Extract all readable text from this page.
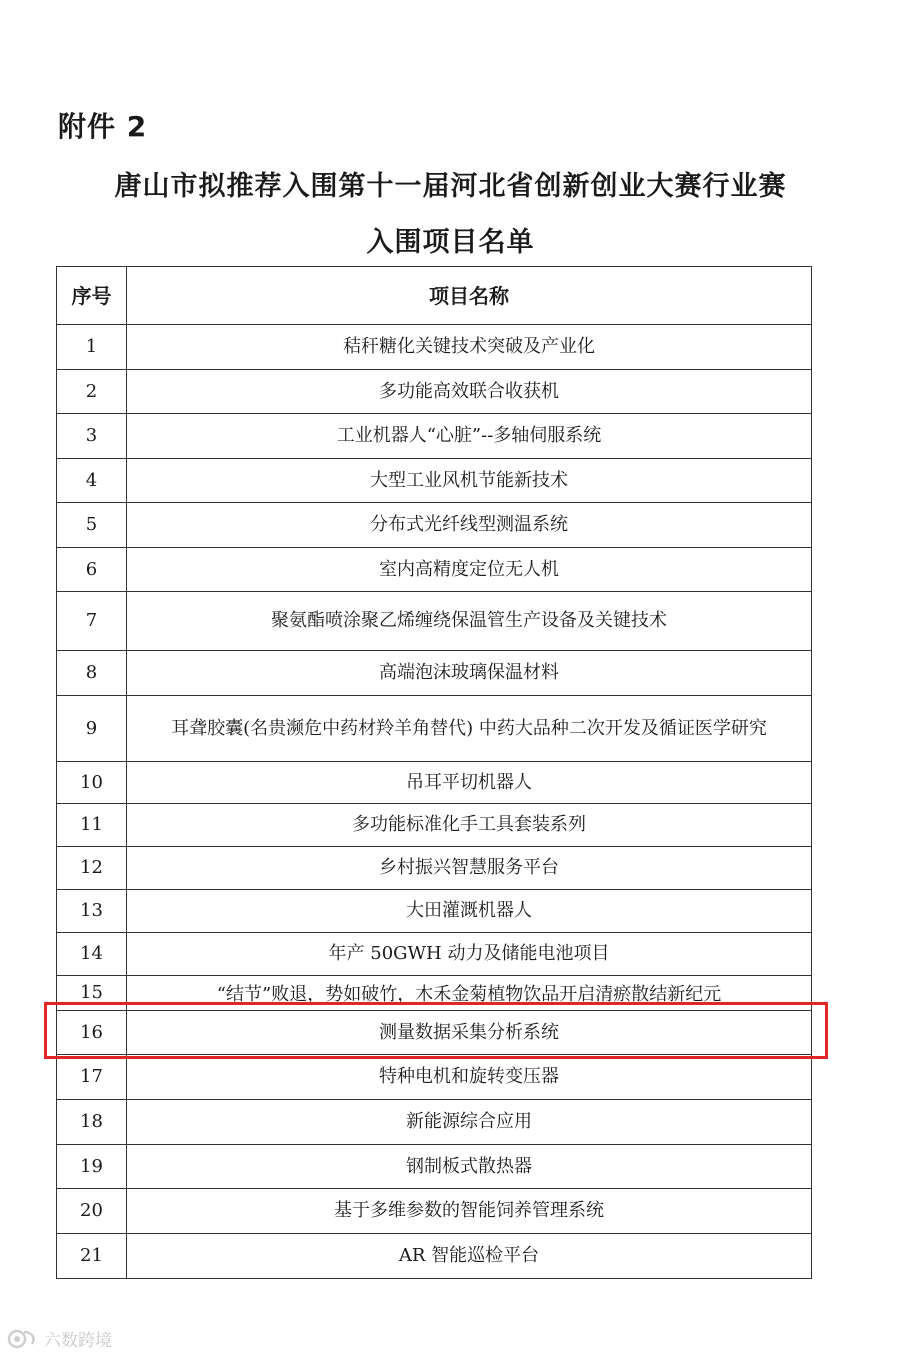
附件 2
唐山市拟推荐入围第十一届河北省创新创业大赛行业赛
入围项目名单
序号	项目名称
1	秸秆糖化关键技术突破及产业化
2	多功能高效联合收获机
3	工业机器人“心脏”--多轴伺服系统
4	大型工业风机节能新技术
5	分布式光纤线型测温系统
6	室内高精度定位无人机
7	聚氨酯喷涂聚乙烯缠绕保温管生产设备及关键技术
8	高端泡沫玻璃保温材料
9	耳聋胶囊(名贵濒危中药材羚羊角替代) 中药大品种二次开发及循证医学研究
10	吊耳平切机器人
11	多功能标准化手工具套装系列
12	乡村振兴智慧服务平台
13	大田灌溉机器人
14	年产 50GWH 动力及储能电池项目
15	“结节”败退，势如破竹，木禾金菊植物饮品开启清瘀散结新纪元
16	测量数据采集分析系统
17	特种电机和旋转变压器
18	新能源综合应用
19	钢制板式散热器
20	基于多维参数的智能饲养管理系统
21	AR 智能巡检平台
六数跨境
